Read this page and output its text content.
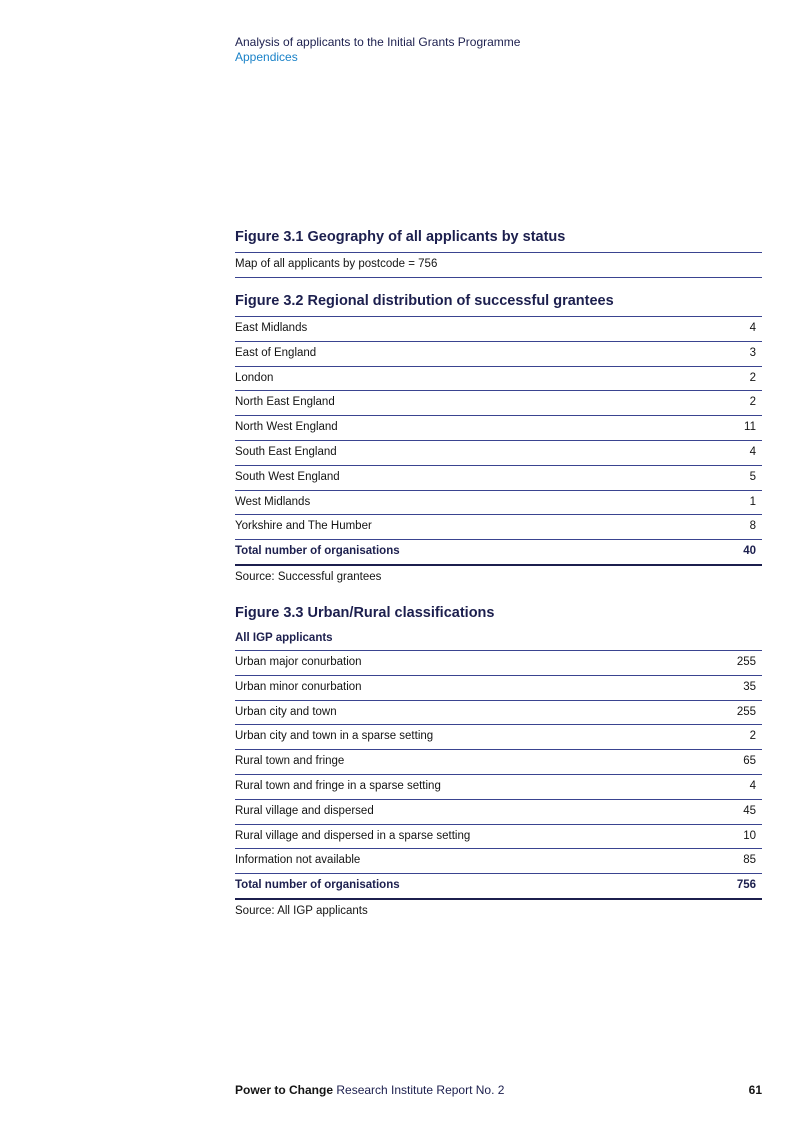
Analysis of applicants to the Initial Grants Programme
Appendices
Figure 3.1 Geography of all applicants by status
Map of all applicants by postcode = 756
Figure 3.2 Regional distribution of successful grantees
East Midlands	4
East of England	3
London	2
North East England	2
North West England	11
South East England	4
South West England	5
West Midlands	1
Yorkshire and The Humber	8
Total number of organisations	40
Source: Successful grantees
Figure 3.3 Urban/Rural classifications
All IGP applicants
Urban major conurbation	255
Urban minor conurbation	35
Urban city and town	255
Urban city and town in a sparse setting	2
Rural town and fringe	65
Rural town and fringe in a sparse setting	4
Rural village and dispersed	45
Rural village and dispersed in a sparse setting	10
Information not available	85
Total number of organisations	756
Source: All IGP applicants
Power to Change Research Institute Report No. 2	61
